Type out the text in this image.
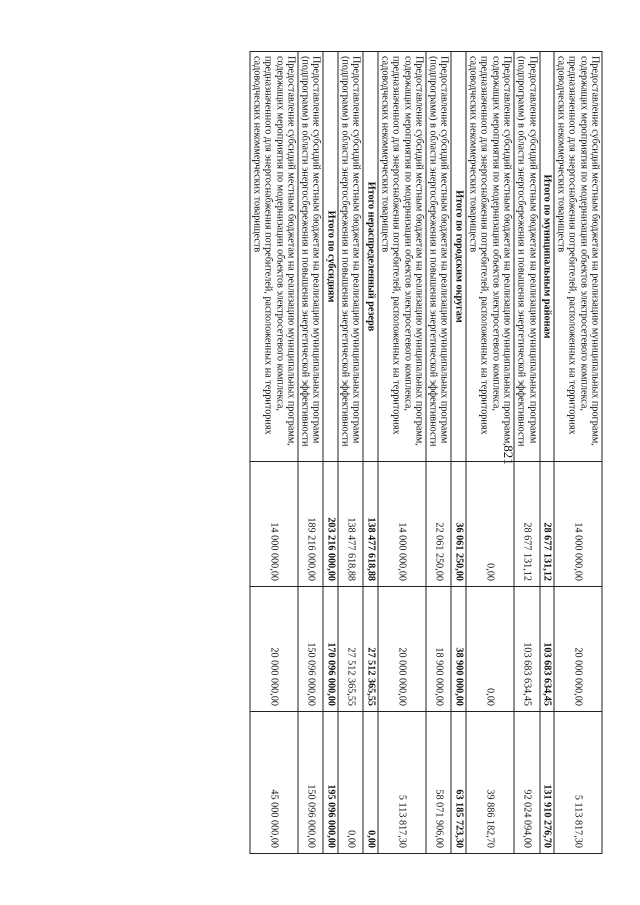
821
Предоставление субсидий местным бюджетам на реализацию муниципальных программ, содержащих мероприятия по модернизации объектов электросетевого комплекса, предназначенного для энергоснабжения потребителей, расположенных на территориях садоводческих некоммерческих товариществ	14 000 000,00	20 000 000,00	5 113 817,30
Итого по муниципальным районам	28 677 131,12	103 683 634,45	131 910 276,70
Предоставление субсидий местным бюджетам на реализацию муниципальных программ (подпрограмм) в области энергосбережения и повышения энергетической эффективности	28 677 131,12	103 683 634,45	92 024 094,00
Предоставление субсидий местным бюджетам на реализацию муниципальных программ, содержащих мероприятия по модернизации объектов электросетевого комплекса, предназначенного для энергоснабжения потребителей, расположенных на территориях садоводческих некоммерческих товариществ	0,00	0,00	39 886 182,70
Итого по городским округам	36 061 250,00	38 900 000,00	63 185 723,30
Предоставление субсидий местным бюджетам на реализацию муниципальных программ (подпрограмм) в области энергосбережения и повышения энергетической эффективности	22 061 250,00	18 900 000,00	58 071 906,00
Предоставление субсидий местным бюджетам на реализацию муниципальных программ, содержащих мероприятия по модернизации объектов электросетевого комплекса, предназначенного для энергоснабжения потребителей, расположенных на территориях садоводческих некоммерческих товариществ	14 000 000,00	20 000 000,00	5 113 817,30
Итого нераспределенный резерв	138 477 618,88	27 512 365,55	0,00
Предоставление субсидий местным бюджетам на реализацию муниципальных программ (подпрограмм) в области энергосбережения и повышения энергетической эффективности	138 477 618,88	27 512 365,55	0,00
Итого по субсидиям	203 216 000,00	170 096 000,00	195 096 000,00
Предоставление субсидий местным бюджетам на реализацию муниципальных программ (подпрограмм) в области энергосбережения и повышения энергетической эффективности	189 216 000,00	150 096 000,00	150 096 000,00
Предоставление субсидий местным бюджетам на реализацию муниципальных программ, содержащих мероприятия по модернизации объектов электросетевого комплекса, предназначенного для энергоснабжения потребителей, расположенных на территориях садоводческих некоммерческих товариществ	14 000 000,00	20 000 000,00	45 000 000,00
